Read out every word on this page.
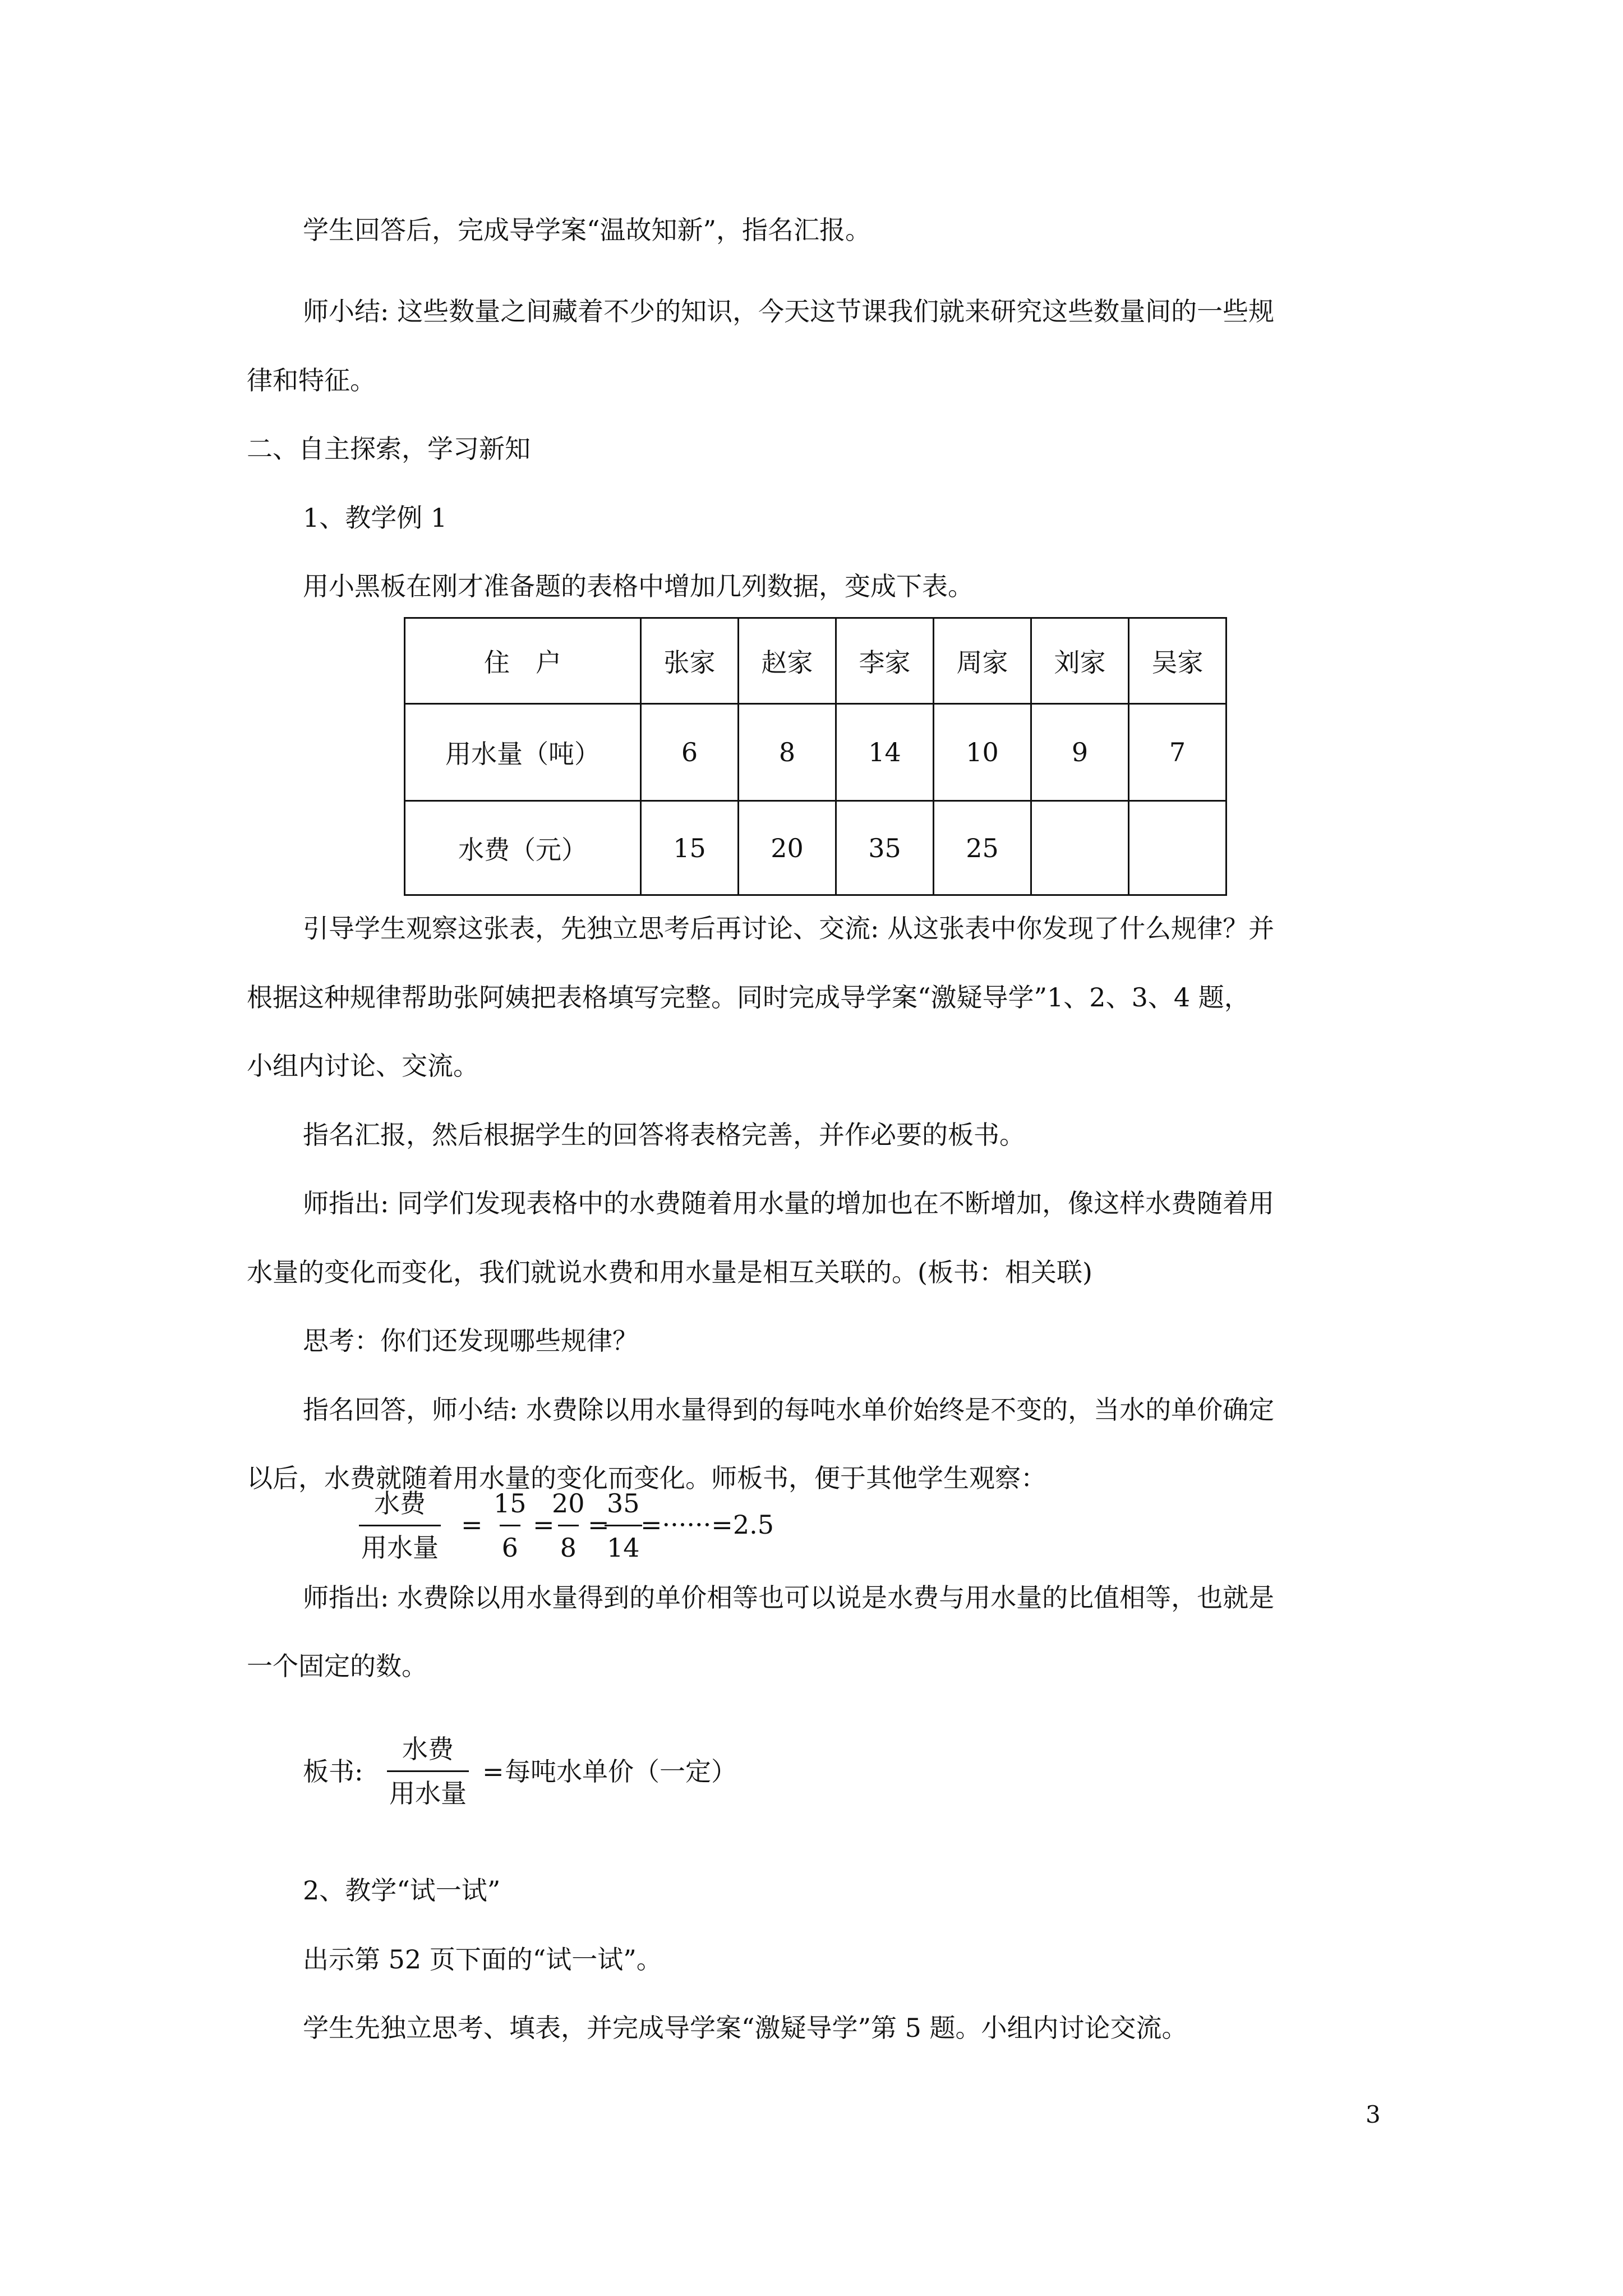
学生回答后，完成导学案“温故知新”，指名汇报。

师小结: 这些数量之间藏着不少的知识，今天这节课我们就来研究这些数量间的一些规

律和特征。

二、自主探索，学习新知

1、教学例 1

用小黑板在刚才准备题的表格中增加几列数据，变成下表。

住　户	张家	赵家	李家	周家	刘家	吴家
用水量（吨）	6	8	14	10	9	7
水费（元）	15	20	35	25		

引导学生观察这张表，先独立思考后再讨论、交流: 从这张表中你发现了什么规律？并

根据这种规律帮助张阿姨把表格填写完整。同时完成导学案“激疑导学”1、2、3、4 题，

小组内讨论、交流。

指名汇报，然后根据学生的回答将表格完善，并作必要的板书。

师指出: 同学们发现表格中的水费随着用水量的增加也在不断增加，像这样水费随着用

水量的变化而变化，我们就说水费和用水量是相互关联的。(板书：相关联)

思考：你们还发现哪些规律？

指名回答，师小结: 水费除以用水量得到的每吨水单价始终是不变的，当水的单价确定

以后，水费就随着用水量的变化而变化。师板书，便于其他学生观察：

水费
用水量
= $\frac{15}{6}$ =
$\frac{20}{8}$ =
$\frac{35}{14}$
=······=2.5

师指出: 水费除以用水量得到的单价相等也可以说是水费与用水量的比值相等，也就是

一个固定的数。

板书:
水费
用水量
= 每吨水单价（一定）

2、教学“试一试”

出示第 52 页下面的“试一试”。

学生先独立思考、填表，并完成导学案“激疑导学”第 5 题。小组内讨论交流。

3
